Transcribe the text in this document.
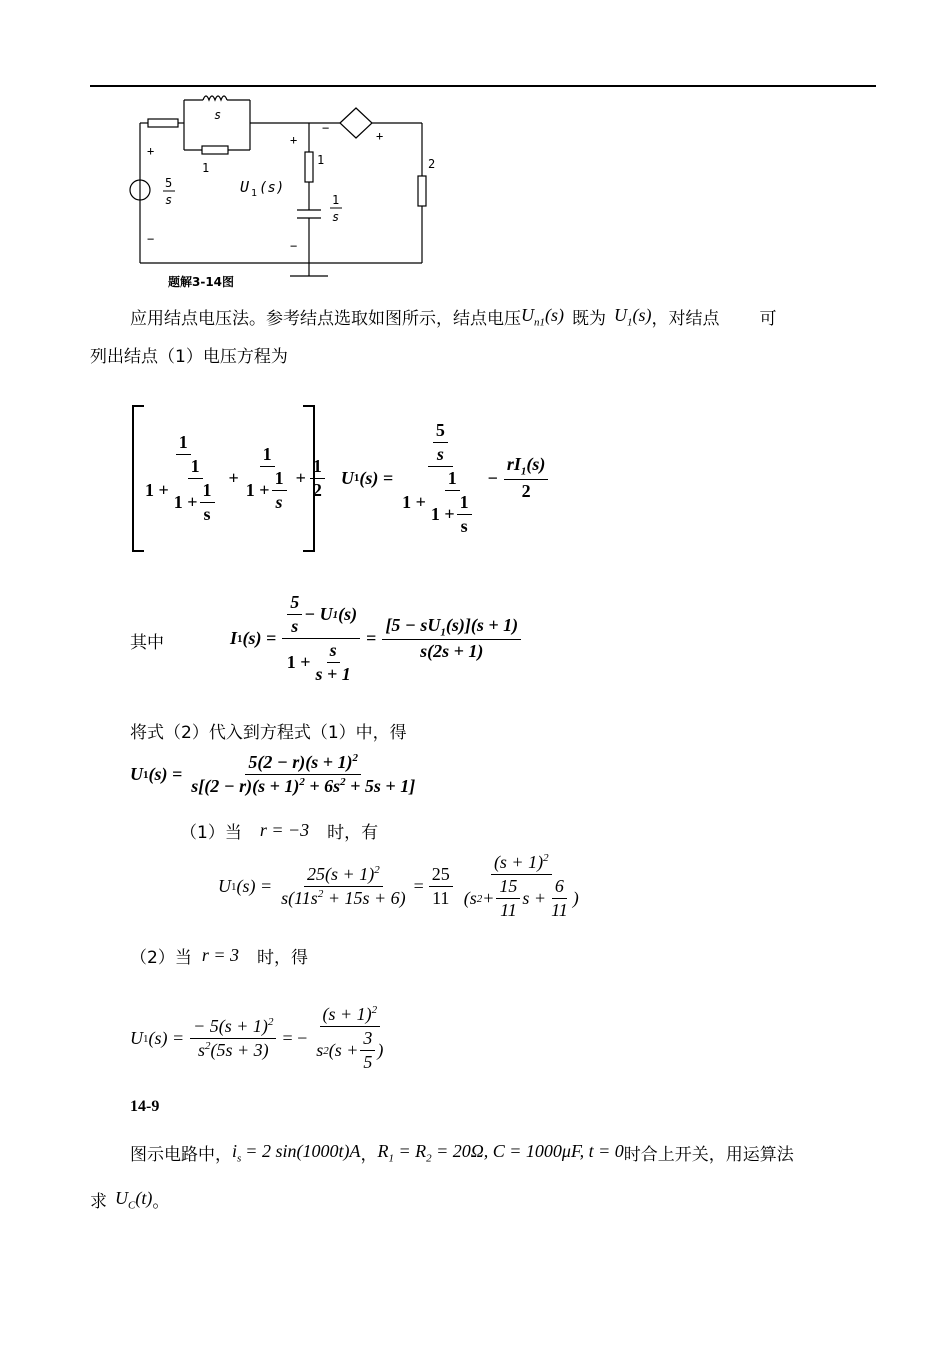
s
1
1	2
1
s
5
s
+
−
+
−
−
+
U 1 (s)
题解3-14图
应用结点电压法。参考结点选取如图所示，结点电压 $U_{n1}(s)$ 既为 $U_1(s)$ ，对结点 可
列出结点（1）电压方程为
$\frac{1}{1 + \frac{1}{1 + \frac{1}{s}}} + \frac{1}{1 + \frac{1}{s}} + \frac{1}{2}$ U 1 $(s) = \frac{\frac{5}{s}}{1 + \frac{1}{1 + \frac{1}{s}}} - \frac{rI_1(s)}{2}$
其中	I 1 $(s) = \frac{\frac{5}{s} - U 1 (s)}{1 + \frac{s}{s + 1}} = \frac{[5 - sU_1(s)](s + 1)}{s(2s + 1)}$
将式（2）代入到方程式（1）中，得
U 1 $(s) = \frac{5(2 - r)(s + 1)^2}{s[(2 - r)(s + 1)^2 + 6s^2 + 5s + 1]}$
（1）当 r = −3 时，有
U 1 $(s) = \frac{25(s + 1)^2}{s(11s^2 + 15s + 6)} = \frac{25}{11} \frac{(s + 1)^2}{(s 2 + \frac{15}{11} s + \frac{6}{11} )}$
（2）当 r = 3 时，得
U 1 $(s) = \frac{- 5(s + 1)^2}{s^2(5s + 3)}$ = − $\frac{(s + 1)^2}{s 2 (s + \frac{3}{5} )}$
14-9
图示电路中， $i_s = 2$ sin(1000t)A ， $R_1 = R_2 = 20\Omega$, C = 1000μF, t = 0 时合上开关，用运算法
求 $U_C(t)$ 。
